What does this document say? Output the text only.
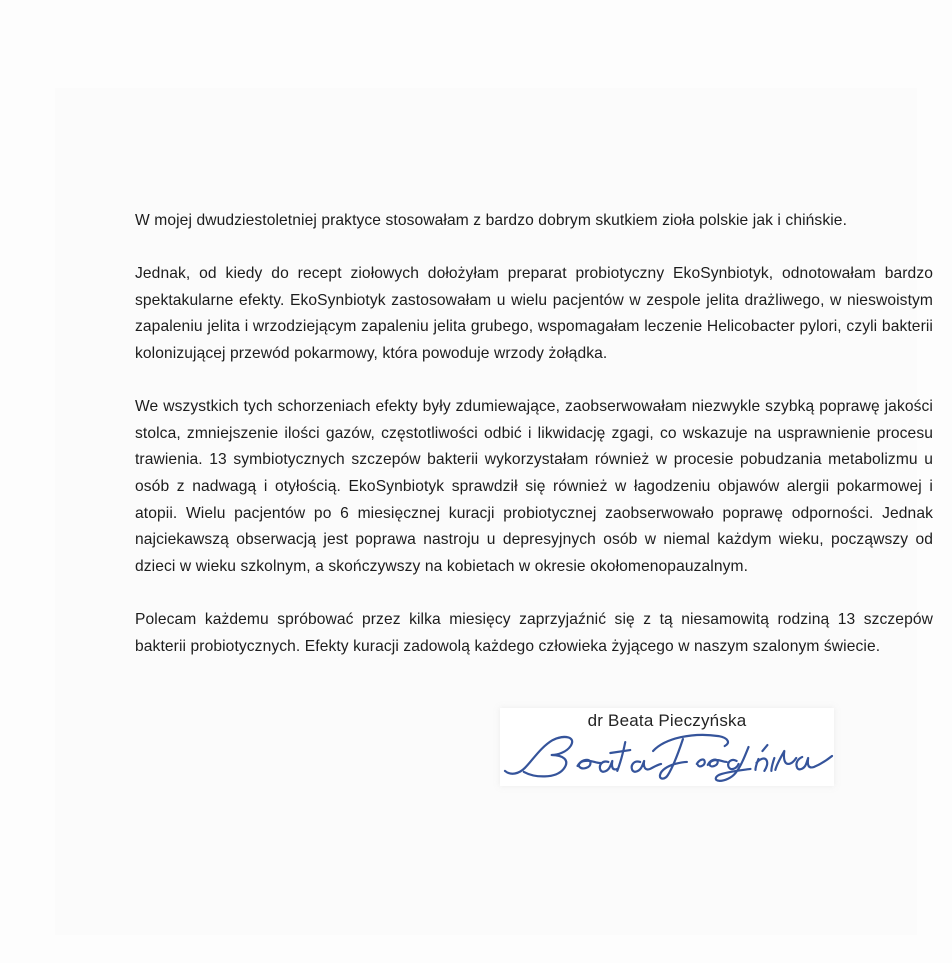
W mojej dwudziestoletniej praktyce stosowałam z bardzo dobrym skutkiem zioła polskie jak i chińskie.

Jednak, od kiedy do recept ziołowych dołożyłam preparat probiotyczny EkoSynbiotyk, odnotowałam bardzo spektakularne efekty. EkoSynbiotyk zastosowałam u wielu pacjentów w zespole jelita drażliwego, w nieswoistym zapaleniu jelita i wrzodziejącym zapaleniu jelita grubego, wspomagałam leczenie Helicobacter pylori, czyli bakterii kolonizującej przewód pokarmowy, która powoduje wrzody żołądka.

We wszystkich tych schorzeniach efekty były zdumiewające, zaobserwowałam niezwykle szybką poprawę jakości stolca, zmniejszenie ilości gazów, częstotliwości odbić i likwidację zgagi, co wskazuje na usprawnienie procesu trawienia. 13 symbiotycznych szczepów bakterii wykorzystałam również w procesie pobudzania metabolizmu u osób z nadwagą i otyłością. EkoSynbiotyk sprawdził się również w łagodzeniu objawów alergii pokarmowej i atopii. Wielu pacjentów po 6 miesięcznej kuracji probiotycznej zaobserwowało poprawę odporności. Jednak najciekawszą obserwacją jest poprawa nastroju u depresyjnych osób w niemal każdym wieku, począwszy od dzieci w wieku szkolnym, a skończywszy na kobietach w okresie okołomenopauzalnym.

Polecam każdemu spróbować przez kilka miesięcy zaprzyjaźnić się z tą niesamowitą rodziną 13 szczepów bakterii probiotycznych. Efekty kuracji zadowolą każdego człowieka żyjącego w naszym szalonym świecie.

dr Beata Pieczyńska
